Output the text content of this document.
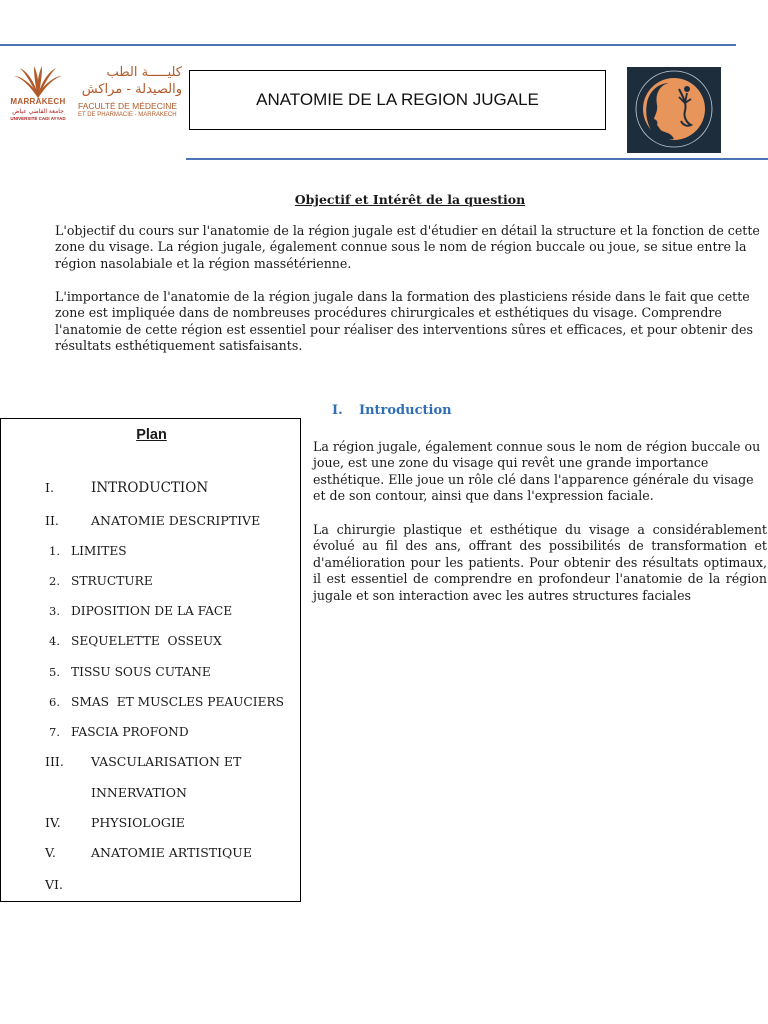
MARRAKECH
جامعة القاضي عياض
UNIVERSITÉ CADI AYYAD
كليـــــة الطب
والصيدلة - مراكش
FACULTÉ DE MÉDECINE
ET DE PHARMACIE - MARRAKECH
ANATOMIE DE LA REGION JUGALE
Objectif et Intérêt de la question

L'objectif du cours sur l'anatomie de la région jugale est d'étudier en détail la structure et la fonction de cette zone du visage. La région jugale, également connue sous le nom de région buccale ou joue, se situe entre la région nasolabiale et la région massétérienne.

L'importance de l'anatomie de la région jugale dans la formation des plasticiens réside dans le fait que cette zone est impliquée dans de nombreuses procédures chirurgicales et esthétiques du visage. Comprendre l'anatomie de cette région est essentiel pour réaliser des interventions sûres et efficaces, et pour obtenir des résultats esthétiquement satisfaisants.

Plan
I.	INTRODUCTION
II.	ANATOMIE DESCRIPTIVE
1. LIMITES
2. STRUCTURE
3. DIPOSITION DE LA FACE
4. SEQUELETTE  OSSEUX
5. TISSU SOUS CUTANE
6. SMAS  ET MUSCLES PEAUCIERS
7. FASCIA PROFOND
III. VASCULARISATION ET
INNERVATION
IV. PHYSIOLOGIE
V.	ANATOMIE ARTISTIQUE
VI.
I. Introduction

La région jugale, également connue sous le nom de région buccale ou joue, est une zone du visage qui revêt une grande importance esthétique. Elle joue un rôle clé dans l'apparence générale du visage et de son contour, ainsi que dans l'expression faciale.

La chirurgie plastique et esthétique du visage a considérablement évolué au fil des ans, offrant des possibilités de transformation et d'amélioration pour les patients. Pour obtenir des résultats optimaux, il est essentiel de comprendre en profondeur l'anatomie de la région jugale et son interaction avec les autres structures faciales
